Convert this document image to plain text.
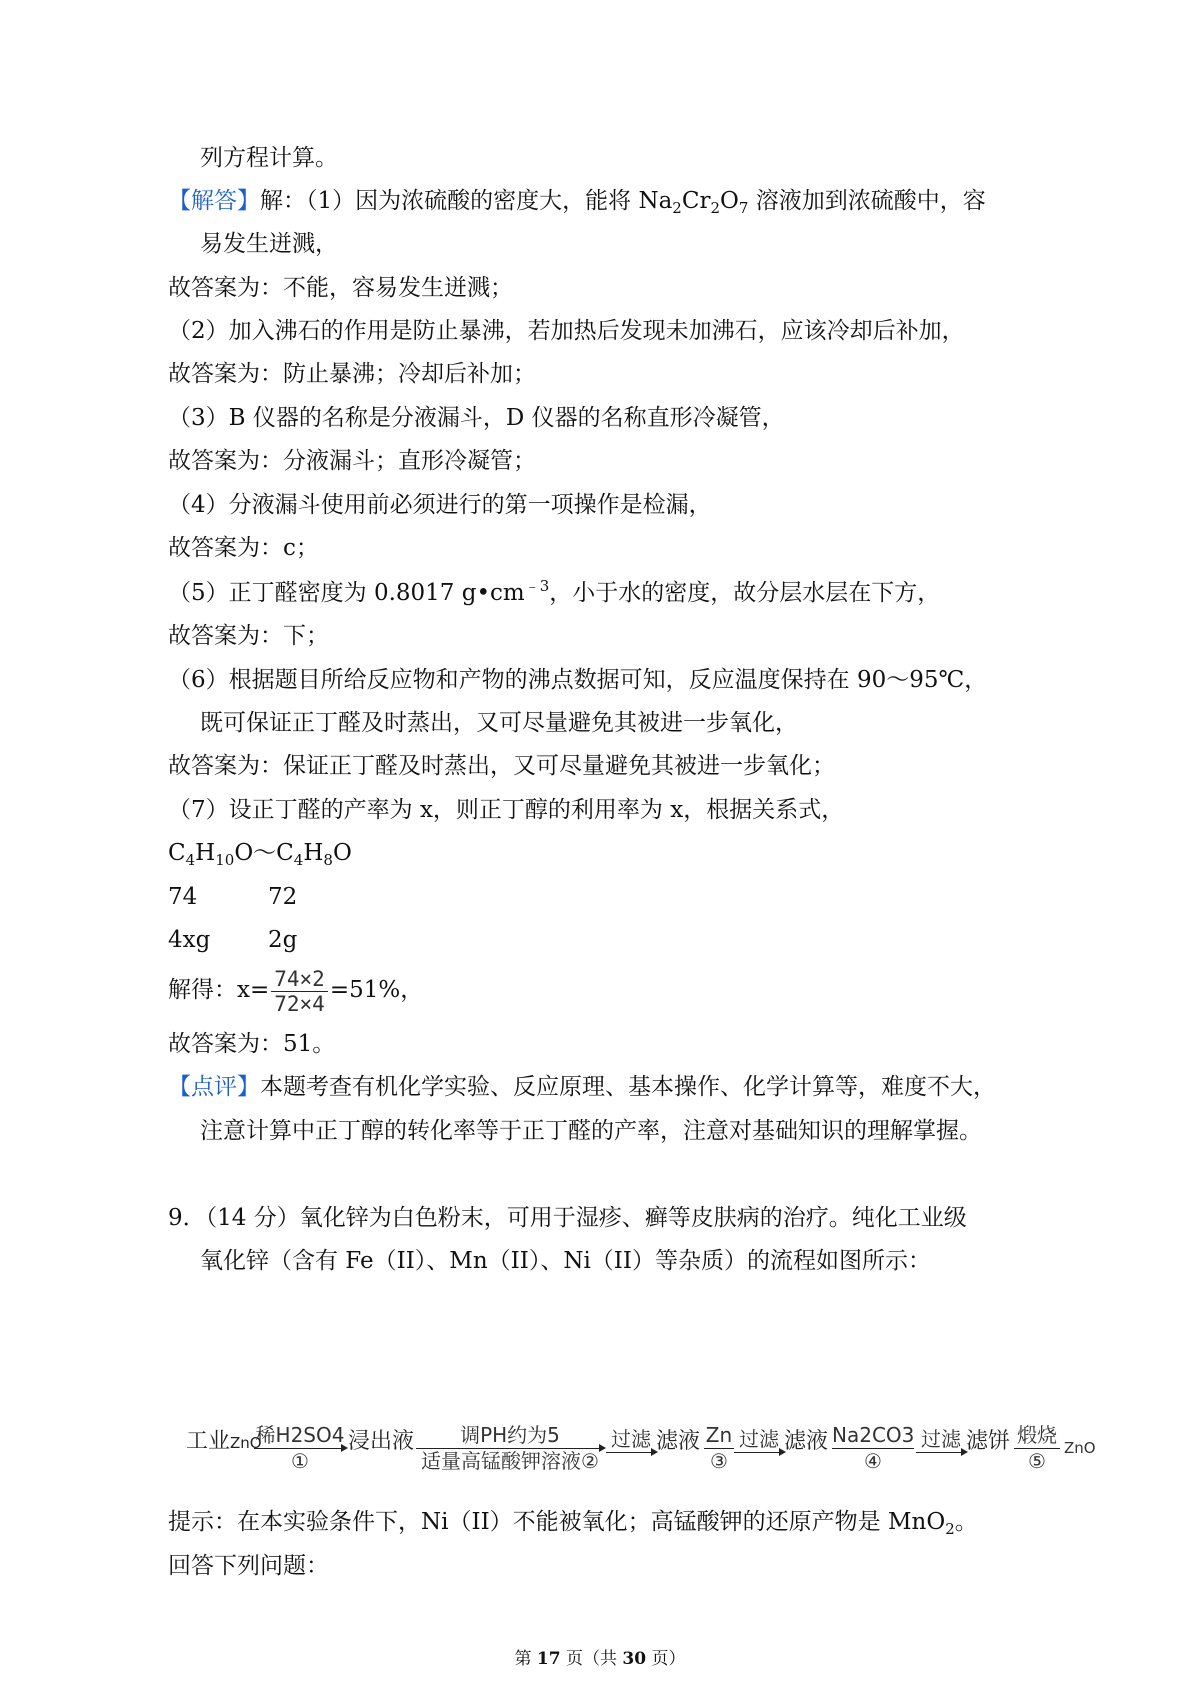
列方程计算。
【解答】解：（1）因为浓硫酸的密度大，能将 $Na_2Cr_2O_7$ 溶液加到浓硫酸中，容
易发生迸溅，
故答案为：不能，容易发生迸溅；
（2）加入沸石的作用是防止暴沸，若加热后发现未加沸石，应该冷却后补加，
故答案为：防止暴沸；冷却后补加；
（3）B 仪器的名称是分液漏斗，D 仪器的名称直形冷凝管，
故答案为：分液漏斗；直形冷凝管；
（4）分液漏斗使用前必须进行的第一项操作是检漏，
故答案为：c；
（5）正丁醛密度为 0.8017 $g•cm^{﹣3}$，小于水的密度，故分层水层在下方，
故答案为：下；
（6）根据题目所给反应物和产物的沸点数据可知，反应温度保持在 90～95℃，
既可保证正丁醛及时蒸出，又可尽量避免其被进一步氧化，
故答案为：保证正丁醛及时蒸出，又可尽量避免其被进一步氧化；
（7）设正丁醛的产率为 x，则正丁醇的利用率为 x，根据关系式，
$C_4H_{10}O\sim C_4H_8O$
74	72
4xg	2g
解得：$x= \frac{74\times 2}{72\times 4} =51\%$，
故答案为：51。
【点评】本题考查有机化学实验、反应原理、基本操作、化学计算等，难度不大，
注意计算中正丁醇的转化率等于正丁醛的产率，注意对基础知识的理解掌握。
9．（14 分）氧化锌为白色粉末，可用于湿疹、癣等皮肤病的治疗。纯化工业级
氧化锌（含有 Fe（II）、Mn（II）、Ni（II）等杂质）的流程如图所示：
工业ZnO
稀H2SO4
①
浸出液	调PH约为5
适量高锰酸钾溶液②
过滤 滤液 Zn
③
过滤 滤液 Na2CO3
④
过滤 滤饼 煅烧
⑤
ZnO
提示：在本实验条件下，Ni（II）不能被氧化；高锰酸钾的还原产物是 MnO$_2$。
回答下列问题：
第 17 页（共 30 页）
